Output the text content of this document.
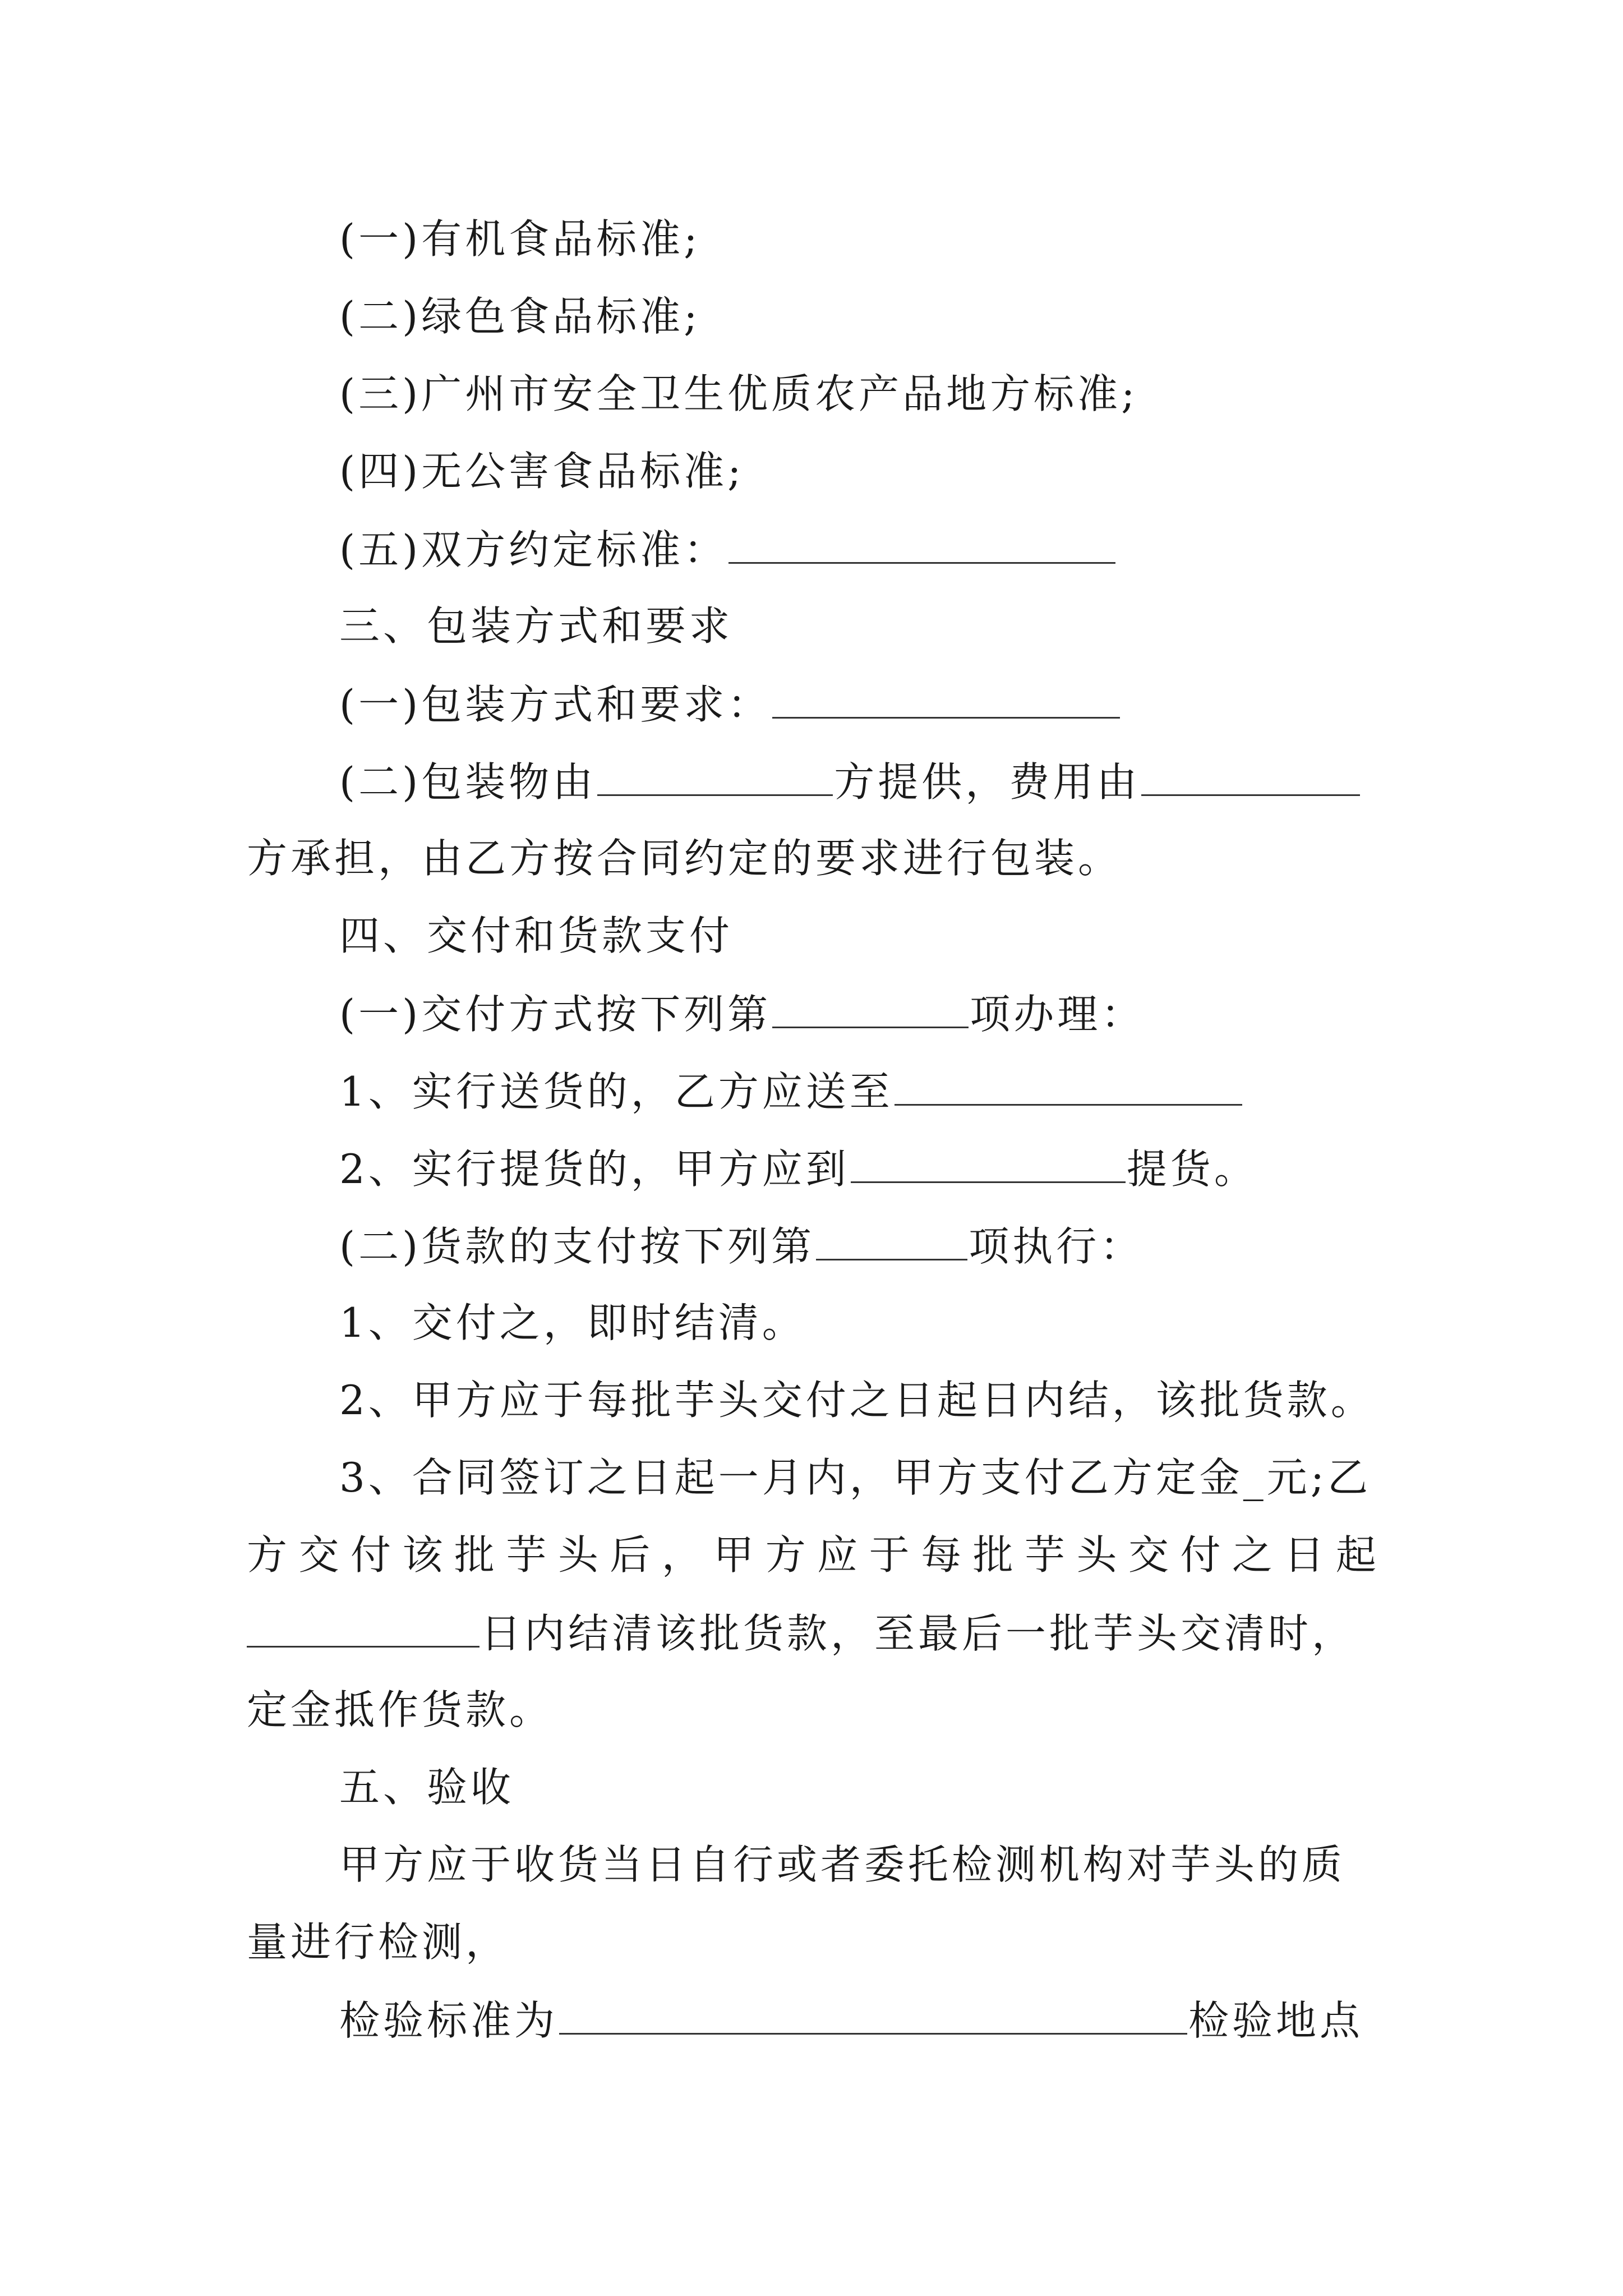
(一)有机食品标准;
(二)绿色食品标准;
(三)广州市安全卫生优质农产品地方标准;
(四)无公害食品标准;
(五)双方约定标准：
三、包装方式和要求
(一)包装方式和要求：
(二)包装物由	方提供，费用由
方承担，由乙方按合同约定的要求进行包装。
四、交付和货款支付
(一)交付方式按下列第	项办理：
1、实行送货的，乙方应送至
2、实行提货的，甲方应到	提货。
(二)货款的支付按下列第	项执行：
1、交付之，即时结清。
2、甲方应于每批芋头交付之日起日内结，该批货款。
3、合同签订之日起一月内，甲方支付乙方定金_元;乙
方 交 付 该 批 芋 头 后 ， 甲 方 应 于 每 批 芋 头 交 付 之 日 起
日内结清该批货款，至最后一批芋头交清时，
定金抵作货款。
五、验收
甲方应于收货当日自行或者委托检测机构对芋头的质
量进行检测，
检验标准为	检验地点
